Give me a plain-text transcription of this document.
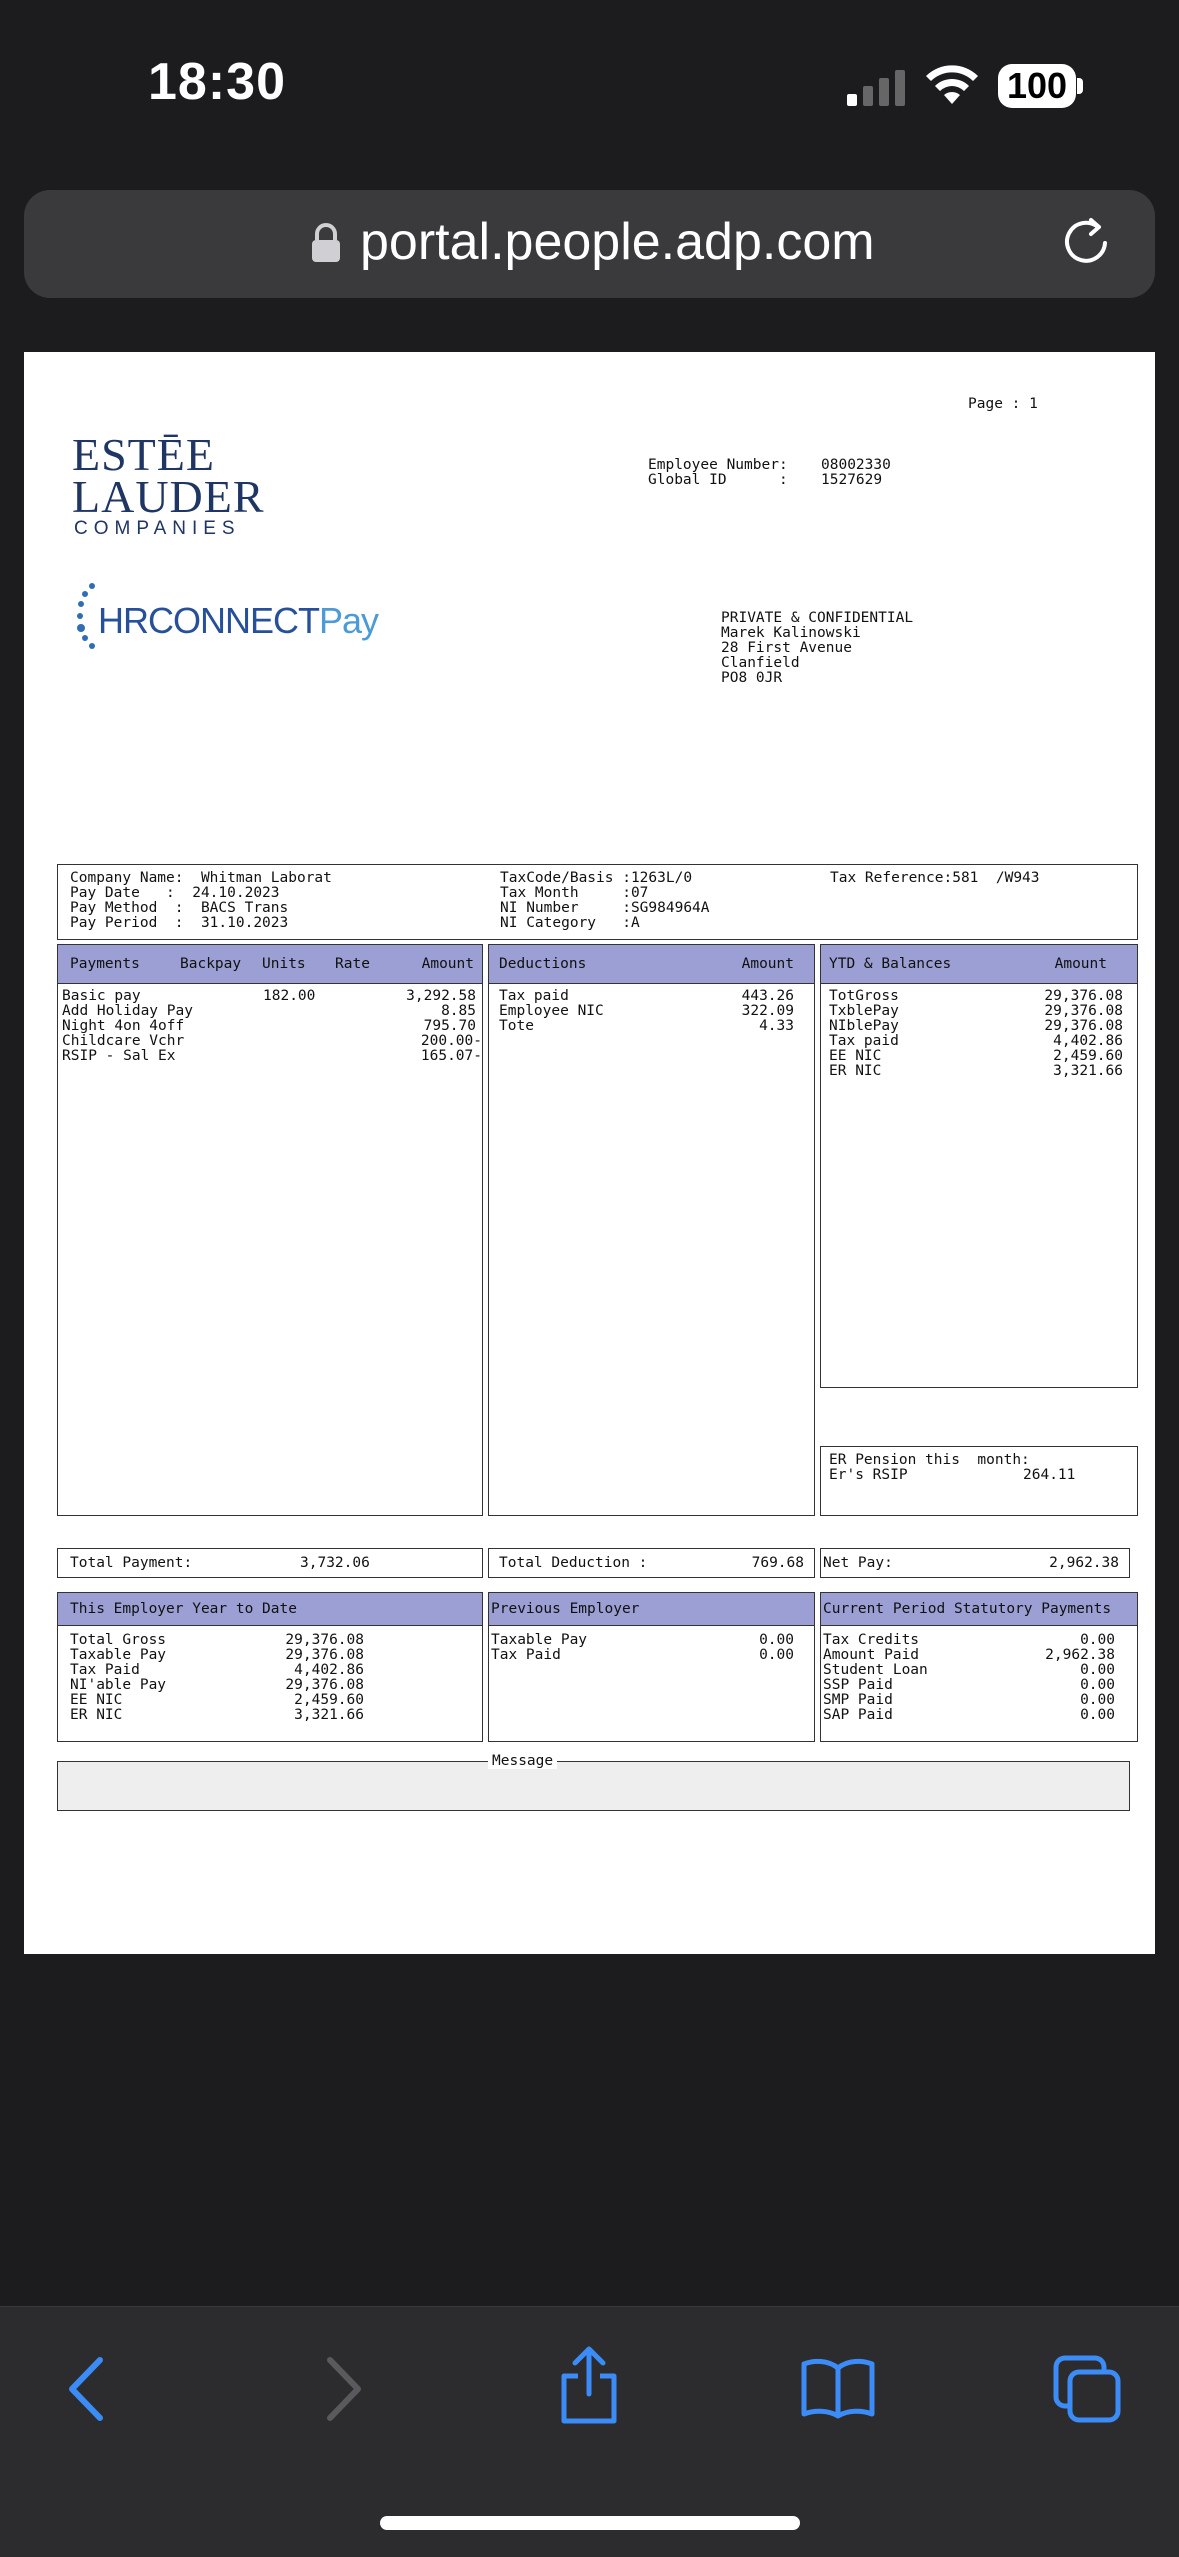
18:30	100
portal.people.adp.com
Page : 1
ESTĒE
LAUDER
COMPANIES
HRCONNECTPay
Employee Number: 08002330
Global ID      : 1527629
PRIVATE & CONFIDENTIAL
Marek Kalinowski
28 First Avenue
Clanfield
PO8 0JR
Company Name:  Whitman Laborat
Pay Date   :  24.10.2023
Pay Method  :  BACS Trans
Pay Period  :  31.10.2023
TaxCode/Basis :1263L/0
Tax Month     :07
NI Number     :SG984964A
NI Category   :A
Tax Reference:581  /W943
Payments	Backpay Units Rate	Amount
Basic pay	182.00	3,292.58
Add Holiday Pay	8.85
Night 4on 4off	795.70
Childcare Vchr	200.00-
RSIP - Sal Ex	165.07-
Deductions	Amount
Tax paid	443.26
Employee NIC	322.09
Tote	4.33
YTD & Balances	Amount
TotGross	29,376.08
TxblePay	29,376.08
NIblePay	29,376.08
Tax paid	4,402.86
EE NIC	2,459.60
ER NIC	3,321.66
ER Pension this  month:
Er's RSIP	264.11
Total Payment:	3,732.06	Total Deduction :	769.68 Net Pay:	2,962.38
This Employer Year to Date
Total Gross	29,376.08
Taxable Pay	29,376.08
Tax Paid	4,402.86
NI'able Pay	29,376.08
EE NIC	2,459.60
ER NIC	3,321.66
Previous Employer
Taxable Pay	0.00
Tax Paid	0.00
Current Period Statutory Payments
Tax Credits	0.00
Amount Paid	2,962.38
Student Loan	0.00
SSP Paid	0.00
SMP Paid	0.00
SAP Paid	0.00
Message
